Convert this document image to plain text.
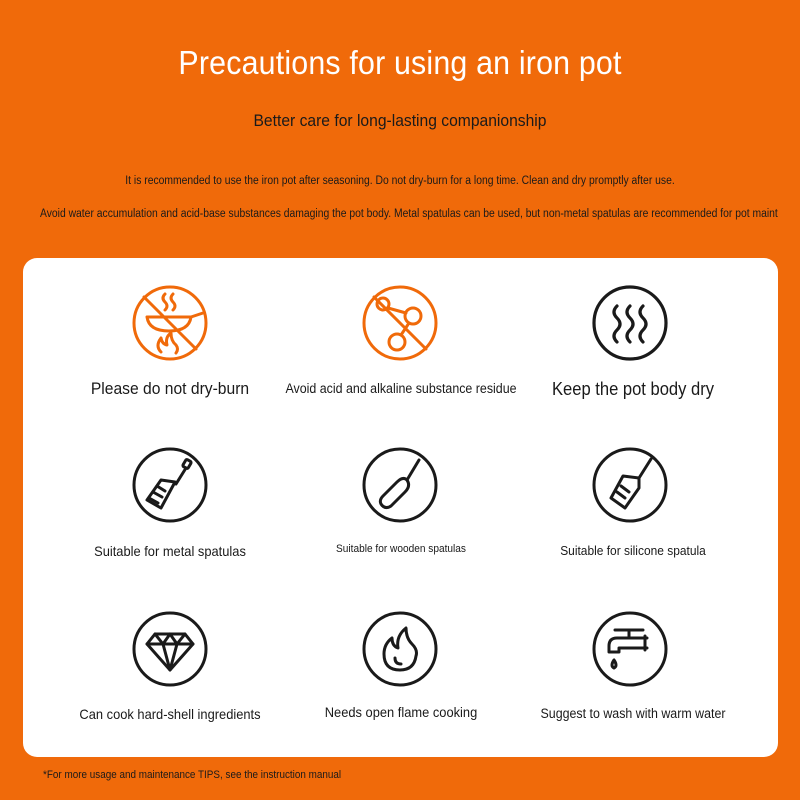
Precautions for using an iron pot
Better care for long-lasting companionship
It is recommended to use the iron pot after seasoning. Do not dry-burn for a long time. Clean and dry promptly after use.
Avoid water accumulation and acid-base substances damaging the pot body. Metal spatulas can be used, but non-metal spatulas are recommended for pot maint
Please do not dry-burn	Avoid acid and alkaline substance residue	Keep the pot body dry
Suitable for metal spatulas	Suitable for wooden spatulas	Suitable for silicone spatula
Can cook hard-shell ingredients	Needs open flame cooking	Suggest to wash with warm water
*For more usage and maintenance TIPS, see the instruction manual
